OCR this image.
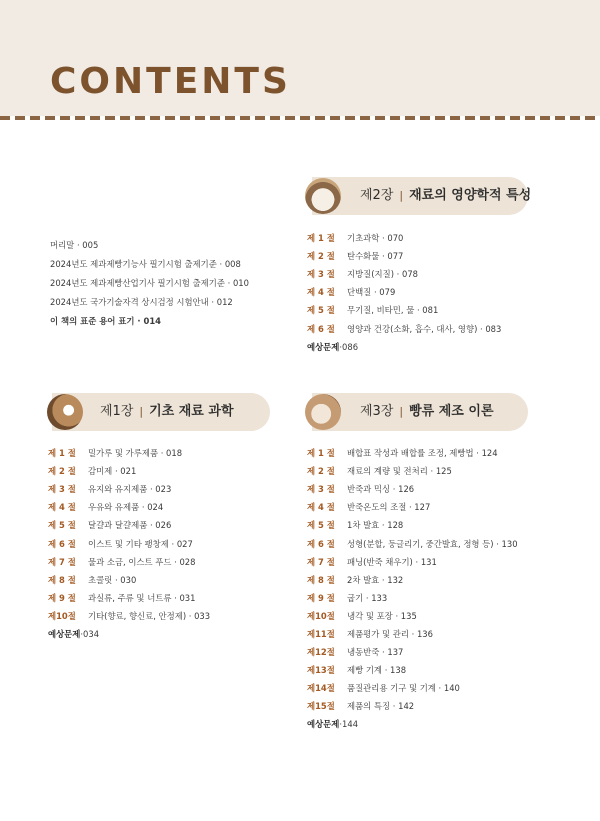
CONTENTS
머리말 · 005
2024년도 제과제빵기능사 필기시험 출제기준 · 008
2024년도 제과제빵산업기사 필기시험 출제기준 · 010
2024년도 국가기술자격 상시검정 시험안내 · 012
이 책의 표준 용어 표기 · 014
제2장 | 재료의 영양학적 특성
제 1 절	기초과학 · 070
제 2 절	탄수화물 · 077
제 3 절	지방질(지질) · 078
제 4 절	단백질 · 079
제 5 절	무기질, 비타민, 물 · 081
제 6 절	영양과 건강(소화, 흡수, 대사, 영향) · 083
예상문제 · 086
제1장 | 기초 재료 과학
제 1 절	밀가루 및 가루제품 · 018
제 2 절	감미제 · 021
제 3 절	유지와 유지제품 · 023
제 4 절	우유와 유제품 · 024
제 5 절	달걀과 달걀제품 · 026
제 6 절	이스트 및 기타 팽창제 · 027
제 7 절	물과 소금, 이스트 푸드 · 028
제 8 절	초콜릿 · 030
제 9 절	과실류, 주류 및 너트류 · 031
제10절	기타(향료, 향신료, 안정제) · 033
예상문제 · 034
제3장 | 빵류 제조 이론
제 1 절	배합표 작성과 배합률 조정, 제빵법 · 124
제 2 절	재료의 계량 및 전처리 · 125
제 3 절	반죽과 믹싱 · 126
제 4 절	반죽온도의 조절 · 127
제 5 절	1차 발효 · 128
제 6 절	성형(분할, 둥글리기, 중간발효, 정형 등) · 130
제 7 절	패닝(반죽 채우기) · 131
제 8 절	2차 발효 · 132
제 9 절	굽기 · 133
제10절	냉각 및 포장 · 135
제11절	제품평가 및 관리 · 136
제12절	냉동반죽 · 137
제13절	제빵 기계 · 138
제14절	품질관리용 기구 및 기계 · 140
제15절	제품의 특징 · 142
예상문제 · 144
